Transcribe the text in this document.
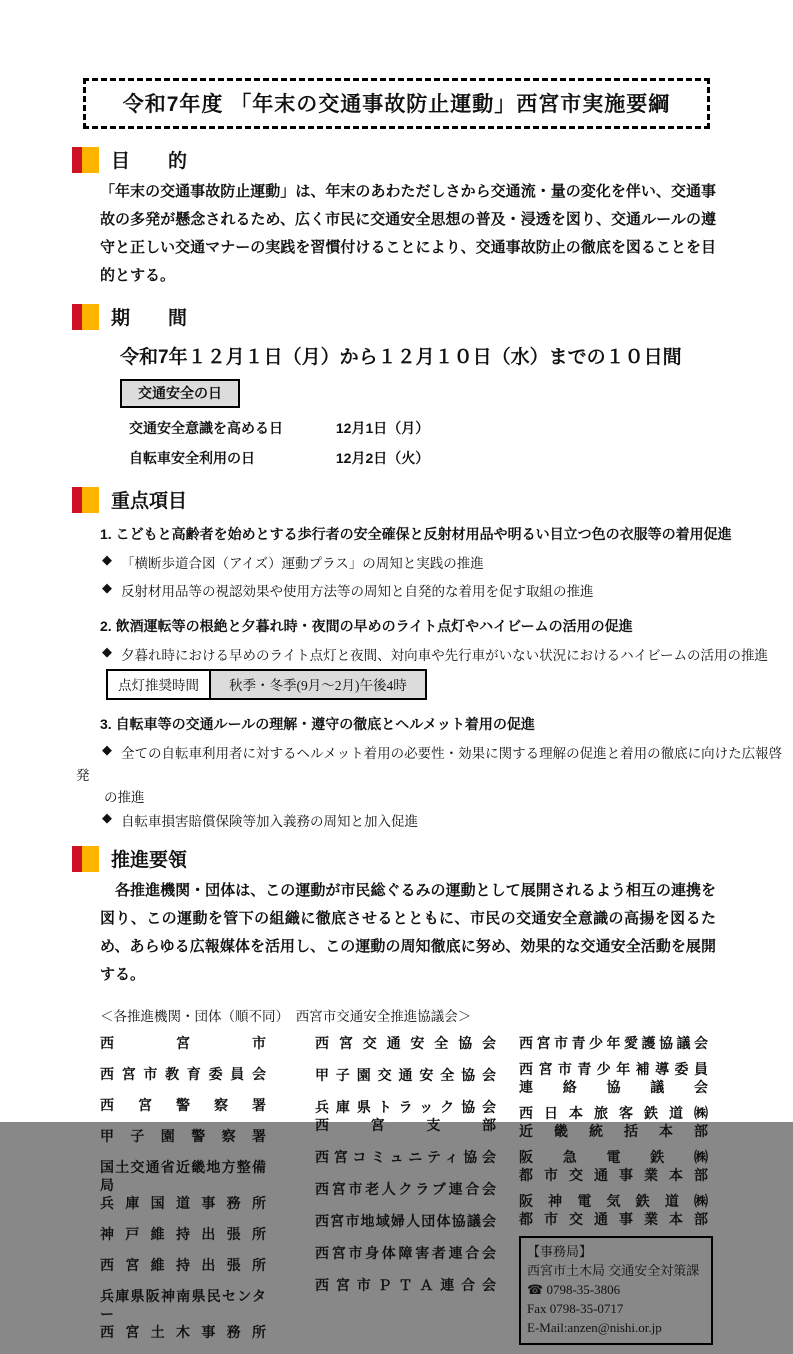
令和7年度 「年末の交通事故防止運動」西宮市実施要綱
目　　的

「年末の交通事故防止運動」は、年末のあわただしさから交通流・量の変化を伴い、交通事故の多発が懸念されるため、広く市民に交通安全思想の普及・浸透を図り、交通ルールの遵守と正しい交通マナーの実践を習慣付けることにより、交通事故防止の徹底を図ることを目的とする。

期　　間
令和7年１２月１日（月）から１２月１０日（水）までの１０日間
交通安全の日
交通安全意識を高める日	12月1日（月）
自転車安全利用の日	12月2日（火）
重点項目
1. こどもと高齢者を始めとする歩行者の安全確保と反射材用品や明るい目立つ色の衣服等の着用促進
◆ 「横断歩道合図（アイズ）運動プラス」の周知と実践の推進
◆ 反射材用品等の視認効果や使用方法等の周知と自発的な着用を促す取組の推進
2. 飲酒運転等の根絶と夕暮れ時・夜間の早めのライト点灯やハイビームの活用の促進
◆ 夕暮れ時における早めのライト点灯と夜間、対向車や先行車がいない状況におけるハイビームの活用の推進
点灯推奨時間	秋季・冬季(9月～2月)午後4時
3. 自転車等の交通ルールの理解・遵守の徹底とヘルメット着用の促進
◆ 全ての自転車利用者に対するヘルメット着用の必要性・効果に関する理解の促進と着用の徹底に向けた広報啓
発
の推進
◆ 自転車損害賠償保険等加入義務の周知と加入促進
推進要領

　各推進機関・団体は、この運動が市民総ぐるみの運動として展開されるよう相互の連携を図り、この運動を管下の組織に徹底させるとともに、市民の交通安全意識の高揚を図るため、あらゆる広報媒体を活用し、この運動の周知徹底に努め、効果的な交通安全活動を展開する。

＜各推進機関・団体（順不同）　西宮市交通安全推進協議会＞
西宮市
西宮市教育委員会
西宮警察署
甲子園警察署
国土交通省近畿地方整備局
兵庫国道事務所
神戸維持出張所
西宮維持出張所
兵庫県阪神南県民センター
西宮土木事務所
西宮交通安全協会
甲子園交通安全協会
兵庫県トラック協会
西宮支部
西宮コミュニティ協会
西宮市老人クラブ連合会
西宮市地域婦人団体協議会
西宮市身体障害者連合会
西宮市ＰＴＡ連合会
西宮市青少年愛護協議会
西宮市青少年補導委員
連絡協議会
西日本旅客鉄道㈱
近畿統括本部
阪急電鉄㈱
都市交通事業本部
阪神電気鉄道㈱
都市交通事業本部
【事務局】
西宮市土木局 交通安全対策課
☎ 0798-35-3806
Fax 0798-35-0717
E-Mail:anzen@nishi.or.jp
